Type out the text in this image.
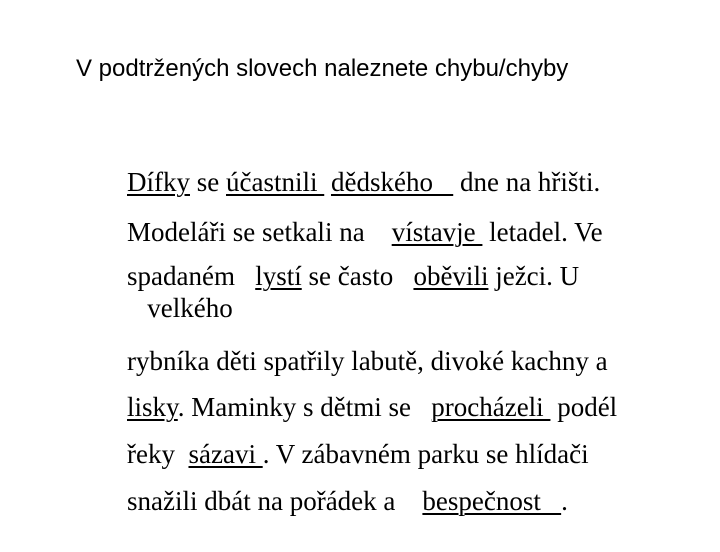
V podtržených slovech naleznete chybu/chyby

Dífky se účastnili  dědského    dne na hřišti.

Modeláři se setkali na    vístavje  letadel. Ve

spadaném   lystí se často   oběvili ježci. U

velkého

rybníka děti spatřily labutě, divoké kachny a

lisky. Maminky s dětmi se   procházeli  podél

řeky  sázavi . V zábavném parku se hlídači

snažili dbát na pořádek a    bespečnost   .
